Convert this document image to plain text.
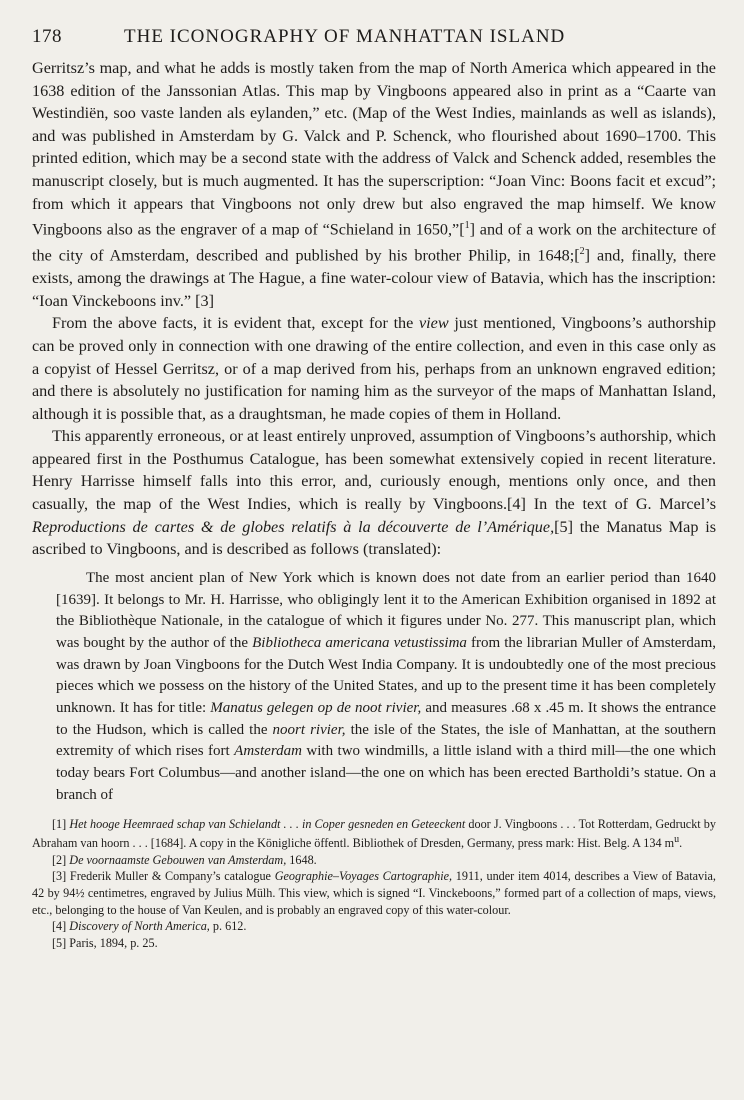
178	THE ICONOGRAPHY OF MANHATTAN ISLAND

Gerritsz’s map, and what he adds is mostly taken from the map of North America which appeared in the 1638 edition of the Janssonian Atlas. This map by Vingboons appeared also in print as a “Caarte van Westindiën, soo vaste landen als eylanden,” etc. (Map of the West Indies, mainlands as well as islands), and was published in Amsterdam by G. Valck and P. Schenck, who flourished about 1690–1700. This printed edition, which may be a second state with the address of Valck and Schenck added, resembles the manuscript closely, but is much augmented. It has the superscription: “Joan Vinc: Boons facit et excud”; from which it appears that Vingboons not only drew but also engraved the map himself. We know Vingboons also as the engraver of a map of “Schieland in 1650,”[$^1$] and of a work on the architecture of the city of Amsterdam, described and published by his brother Philip, in 1648;[$^2$] and, finally, there exists, among the drawings at The Hague, a fine water-colour view of Batavia, which has the inscription: “Ioan Vinckeboons inv.” [3]

From the above facts, it is evident that, except for the view just mentioned, Vingboons’s authorship can be proved only in connection with one drawing of the entire collection, and even in this case only as a copyist of Hessel Gerritsz, or of a map derived from his, perhaps from an unknown engraved edition; and there is absolutely no justification for naming him as the surveyor of the maps of Manhattan Island, although it is possible that, as a draughtsman, he made copies of them in Holland.

This apparently erroneous, or at least entirely unproved, assumption of Vingboons’s authorship, which appeared first in the Posthumus Catalogue, has been somewhat extensively copied in recent literature. Henry Harrisse himself falls into this error, and, curiously enough, mentions only once, and then casually, the map of the West Indies, which is really by Vingboons.[4] In the text of G. Marcel’s Reproductions de cartes & de globes relatifs à la découverte de l’Amérique,[5] the Manatus Map is ascribed to Vingboons, and is described as follows (translated):

The most ancient plan of New York which is known does not date from an earlier period than 1640 [1639]. It belongs to Mr. H. Harrisse, who obligingly lent it to the American Exhibition organised in 1892 at the Bibliothèque Nationale, in the catalogue of which it figures under No. 277. This manuscript plan, which was bought by the author of the Bibliotheca americana vetustissima from the librarian Muller of Amsterdam, was drawn by Joan Vingboons for the Dutch West India Company. It is undoubtedly one of the most precious pieces which we possess on the history of the United States, and up to the present time it has been completely unknown. It has for title: Manatus gelegen op de noot rivier, and measures .68 x .45 m. It shows the entrance to the Hudson, which is called the noort rivier, the isle of the States, the isle of Manhattan, at the southern extremity of which rises fort Amsterdam with two windmills, a little island with a third mill—the one which today bears Fort Columbus—and another island—the one on which has been erected Bartholdi’s statue. On a branch of

[1] Het hooge Heemraed schap van Schielandt . . . in Coper gesneden en Geteeckent door J. Vingboons . . . Tot Rotterdam, Gedruckt by Abraham van hoorn . . . [1684]. A copy in the Königliche öffentl. Bibliothek of Dresden, Germany, press mark: Hist. Belg. A 134 $m^u$.

[2] De voornaamste Gebouwen van Amsterdam, 1648.

[3] Frederik Muller & Company’s catalogue Geographie–Voyages Cartographie, 1911, under item 4014, describes a View of Batavia, 42 by 94½ centimetres, engraved by Julius Mülh. This view, which is signed “I. Vinckeboons,” formed part of a collection of maps, views, etc., belonging to the house of Van Keulen, and is probably an engraved copy of this water-colour.

[4] Discovery of North America, p. 612.

[5] Paris, 1894, p. 25.
